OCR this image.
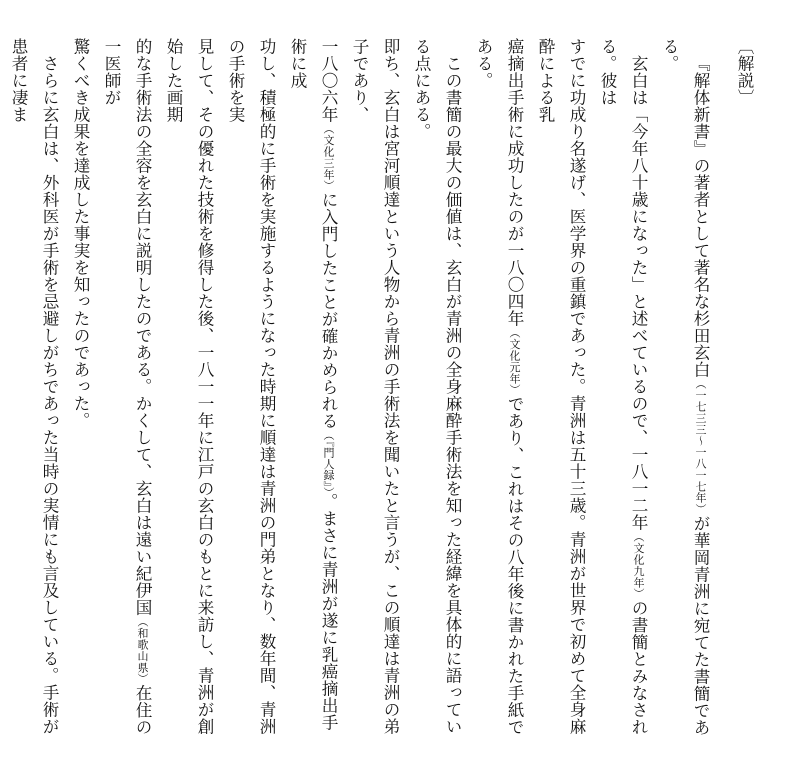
〔解説〕

『解体新書』の著者として著名な杉田玄白（一七三三〜一八一七年）が華岡青洲に宛てた書簡である。

玄白は「今年八十歳になった」と述べているので、一八一二年（文化九年）の書簡とみなされる。彼は

すでに功成り名遂げ、医学界の重鎮であった。青洲は五十三歳。青洲が世界で初めて全身麻酔による乳

癌摘出手術に成功したのが一八〇四年（文化元年）であり、これはその八年後に書かれた手紙である。

この書簡の最大の価値は、玄白が青洲の全身麻酔手術法を知った経緯を具体的に語っている点にある。

即ち、玄白は宮河順達という人物から青洲の手術法を聞いたと言うが、この順達は青洲の弟子であり、

一八〇六年（文化三年）に入門したことが確かめられる（『門人録』）。まさに青洲が遂に乳癌摘出手術に成

功し、積極的に手術を実施するようになった時期に順達は青洲の門弟となり、数年間、青洲の手術を実

見して、その優れた技術を修得した後、一八一一年に江戸の玄白のもとに来訪し、青洲が創始した画期

的な手術法の全容を玄白に説明したのである。かくして、玄白は遠い紀伊国（和歌山県）在住の一医師が

驚くべき成果を達成した事実を知ったのであった。

さらに玄白は、外科医が手術を忌避しがちであった当時の実情にも言及している。手術が患者に凄ま
